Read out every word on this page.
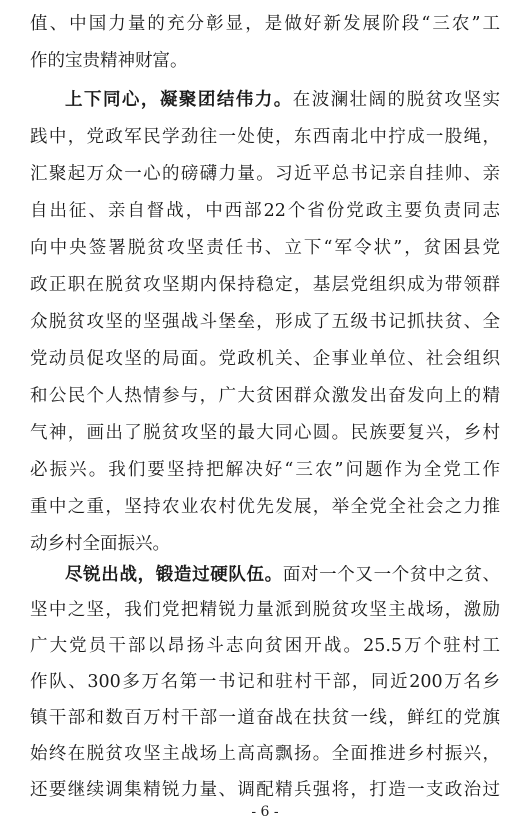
值、中国力量的充分彰显，是做好新发展阶段“三农”工
作的宝贵精神财富。
上下同心，凝聚团结伟力。在波澜壮阔的脱贫攻坚实
践中，党政军民学劲往一处使，东西南北中拧成一股绳，
汇聚起万众一心的磅礴力量。习近平总书记亲自挂帅、亲
自出征、亲自督战，中西部22个省份党政主要负责同志
向中央签署脱贫攻坚责任书、立下“军令状”，贫困县党
政正职在脱贫攻坚期内保持稳定，基层党组织成为带领群
众脱贫攻坚的坚强战斗堡垒，形成了五级书记抓扶贫、全
党动员促攻坚的局面。党政机关、企事业单位、社会组织
和公民个人热情参与，广大贫困群众激发出奋发向上的精
气神，画出了脱贫攻坚的最大同心圆。民族要复兴，乡村
必振兴。我们要坚持把解决好“三农”问题作为全党工作
重中之重，坚持农业农村优先发展，举全党全社会之力推
动乡村全面振兴。
尽锐出战，锻造过硬队伍。面对一个又一个贫中之贫、
- 6 -
坚中之坚，我们党把精锐力量派到脱贫攻坚主战场，激励
广大党员干部以昂扬斗志向贫困开战。25.5万个驻村工
作队、300多万名第一书记和驻村干部，同近200万名乡
镇干部和数百万村干部一道奋战在扶贫一线，鲜红的党旗
始终在脱贫攻坚主战场上高高飘扬。全面推进乡村振兴，
还要继续调集精锐力量、调配精兵强将，打造一支政治过
